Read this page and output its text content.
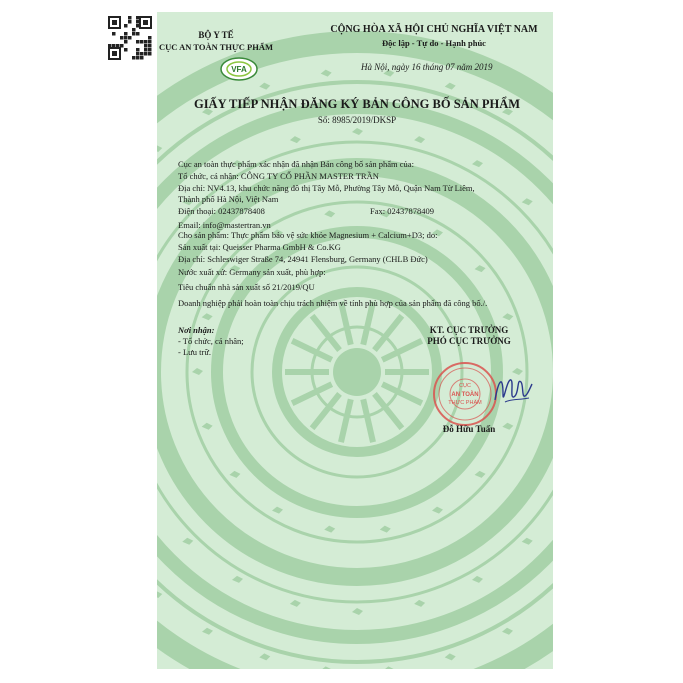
BỘ Y TẾ
CỤC AN TOÀN THỰC PHẨM
VFA
CỘNG HÒA XÃ HỘI CHỦ NGHĨA VIỆT NAM
Độc lập - Tự do - Hạnh phúc
Hà Nội, ngày 16 tháng 07 năm 2019
GIẤY TIẾP NHẬN ĐĂNG KÝ BẢN CÔNG BỐ SẢN PHẨM
Số: 8985/2019/DKSP
Cục an toàn thực phẩm xác nhận đã nhận Bản công bố sản phẩm của:
Tổ chức, cá nhân: CÔNG TY CỔ PHẦN MASTER TRẦN
Địa chỉ: NV4.13, khu chức năng đô thị Tây Mỗ, Phường Tây Mỗ, Quận Nam Từ Liêm,
Thành phố Hà Nội, Việt Nam
Điện thoại: 02437878408	Fax: 02437878409
Email: info@mastertran.vn
Cho sản phẩm: Thực phẩm bảo vệ sức khỏe Magnesium + Calcium+D3; do:
Sản xuất tại: Queisser Pharma GmbH & Co.KG
Địa chỉ: Schleswiger Straße 74, 24941 Flensburg, Germany (CHLB Đức)
Nước xuất xứ: Germany sản xuất, phù hợp:
Tiêu chuẩn nhà sản xuất số 21/2019/QU
Doanh nghiệp phải hoàn toàn chịu trách nhiệm về tính phù hợp của sản phẩm đã công bố./.
Nơi nhận:
- Tổ chức, cá nhân;
- Lưu trữ.
KT. CỤC TRƯỞNG
PHÓ CỤC TRƯỞNG
CỤC
AN TOÀN
THỰC PHẨM
Đỗ Hữu Tuấn
